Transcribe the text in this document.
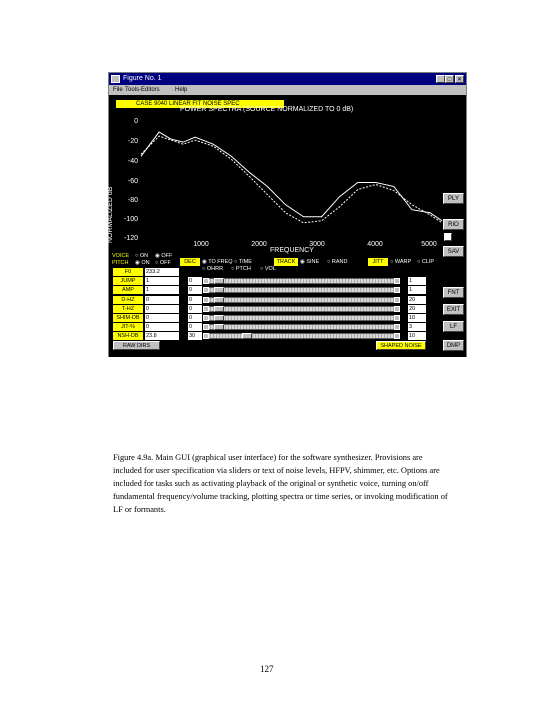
Figure No. 1	_ □ ✕
File Tools-Editors	Help
NORMALIZED dB
CASE 9040 LINEAR FIT NOISE SPEC
POWER SPECTRA (SOURCE NORMALIZED TO 0 dB)
0
-20
-40
-60
-80
-100
-120
1000	2000	3000	4000	5000
FREQUENCY
PLY
RIO
SAV
FNT
EXIT
LF
DMP
VOICE
PITCH
○ ON ◉ OFF
◉ ON ○ OFF	DEC	◉ TO FREQ ○ TIME	TRACK ◉ SINE ○ RAND	JITT	○ WARP ○ CLIP
○ OHRR ○ PTCH ○ VOL
F0	233.2
JUMP	1	0	1
AMP	1	0	1
D-HZ	0	0	20
T-HZ	0	0	20
SHIM-DB	0	0	10
JIT-%	0	0	3
NSH-DB	23.8	30	10
RAW DIRS	SHAPED NOISE
Figure 4.9a. Main GUI (graphical user interface) for the software synthesizer. Provisions are included for user specification via sliders or text of noise levels, HFPV, shimmer, etc. Options are included for tasks such as activating playback of the original or synthetic voice, turning on/off fundamental frequency/volume tracking, plotting spectra or time series, or invoking modification of LF or formants.
127
